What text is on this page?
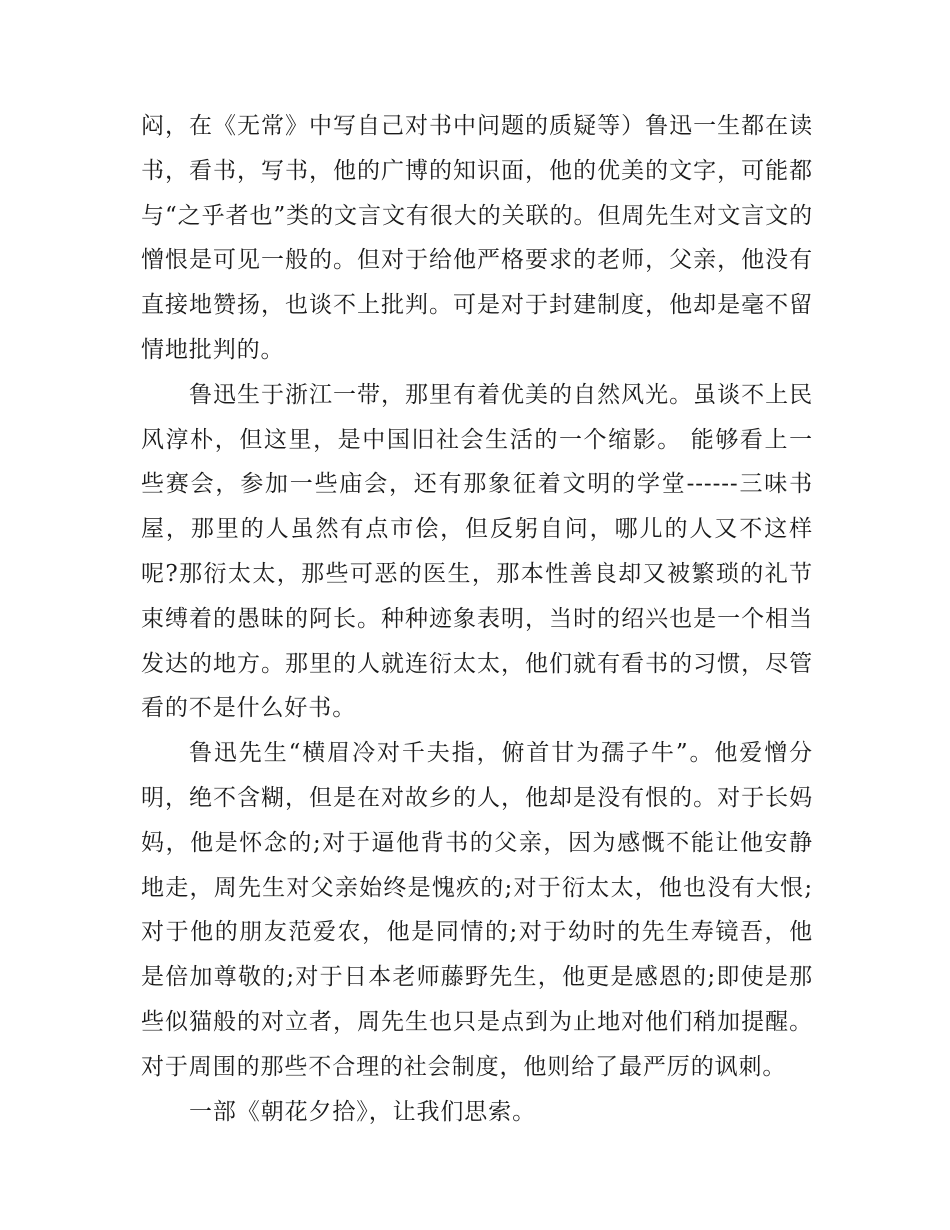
闷，在《无常》中写自己对书中问题的质疑等）鲁迅一生都在读书，看书，写书，他的广博的知识面，他的优美的文字，可能都与“之乎者也”类的文言文有很大的关联的。但周先生对文言文的憎恨是可见一般的。但对于给他严格要求的老师，父亲，他没有直接地赞扬，也谈不上批判。可是对于封建制度，他却是毫不留情地批判的。

鲁迅生于浙江一带，那里有着优美的自然风光。虽谈不上民风淳朴，但这里，是中国旧社会生活的一个缩影。 能够看上一些赛会，参加一些庙会，还有那象征着文明的学堂------三味书屋，那里的人虽然有点市侩，但反躬自问，哪儿的人又不这样呢?那衍太太，那些可恶的医生，那本性善良却又被繁琐的礼节束缚着的愚昧的阿长。种种迹象表明，当时的绍兴也是一个相当发达的地方。那里的人就连衍太太，他们就有看书的习惯，尽管看的不是什么好书。

鲁迅先生“横眉冷对千夫指，俯首甘为孺子牛”。他爱憎分明，绝不含糊，但是在对故乡的人，他却是没有恨的。对于长妈妈，他是怀念的;对于逼他背书的父亲，因为感慨不能让他安静地走，周先生对父亲始终是愧疚的;对于衍太太，他也没有大恨;对于他的朋友范爱农，他是同情的;对于幼时的先生寿镜吾，他是倍加尊敬的;对于日本老师藤野先生，他更是感恩的;即使是那些似猫般的对立者，周先生也只是点到为止地对他们稍加提醒。对于周围的那些不合理的社会制度，他则给了最严厉的讽刺。

一部《朝花夕拾》，让我们思索。
